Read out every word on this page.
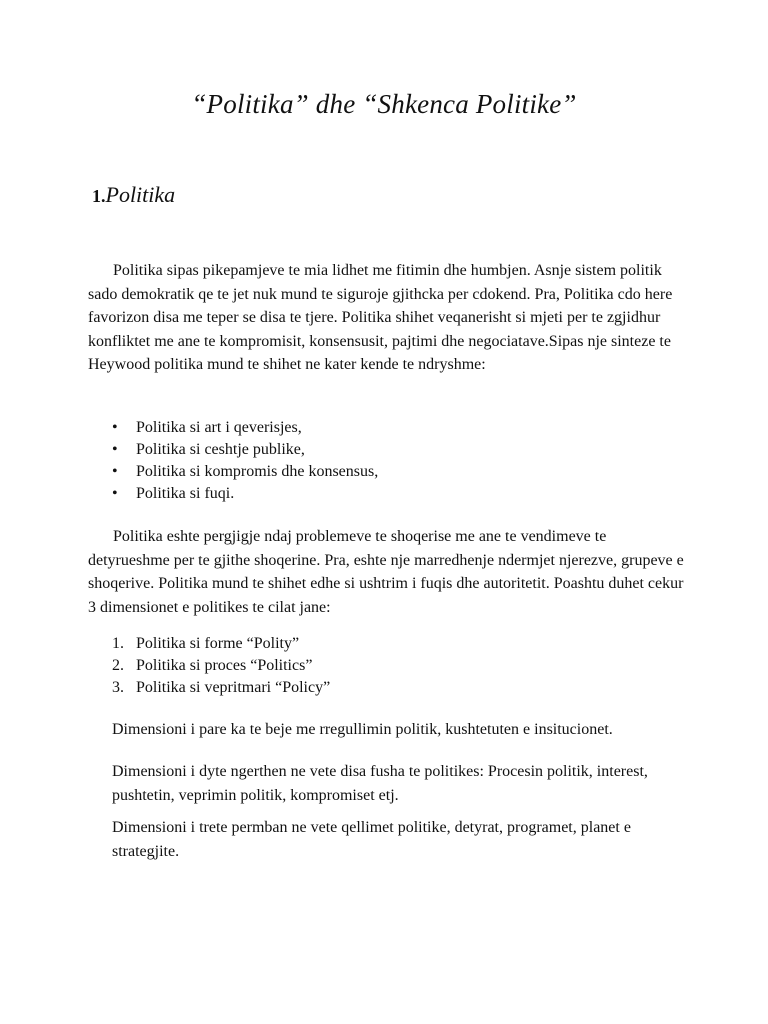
“Politika” dhe “Shkenca Politike”
1.Politika

Politika sipas pikepamjeve te mia lidhet me fitimin dhe humbjen. Asnje sistem politik sado demokratik qe te jet nuk mund te siguroje gjithcka per cdokend. Pra, Politika cdo here favorizon disa me teper se disa te tjere. Politika shihet veqanerisht si mjeti per te zgjidhur konfliktet me ane te kompromisit, konsensusit, pajtimi dhe negociatave.Sipas nje sinteze te Heywood politika mund te shihet ne kater kende te ndryshme:

• Politika si art i qeverisjes,
• Politika si ceshtje publike,
• Politika si kompromis dhe konsensus,
• Politika si fuqi.

Politika eshte pergjigje ndaj problemeve te shoqerise me ane te vendimeve te detyrueshme per te gjithe shoqerine. Pra, eshte nje marredhenje ndermjet njerezve, grupeve e shoqerive. Politika mund te shihet edhe si ushtrim i fuqis dhe autoritetit. Poashtu duhet cekur 3 dimensionet e politikes te cilat jane:

1. Politika si forme “Polity”
2. Politika si proces “Politics”
3. Politika si vepritmari “Policy”

Dimensioni i pare ka te beje me rregullimin politik, kushtetuten e insitucionet.

Dimensioni i dyte ngerthen ne vete disa fusha te politikes: Procesin politik, interest, pushtetin, veprimin politik, kompromiset etj.

Dimensioni i trete permban ne vete qellimet politike, detyrat, programet, planet e strategjite.
